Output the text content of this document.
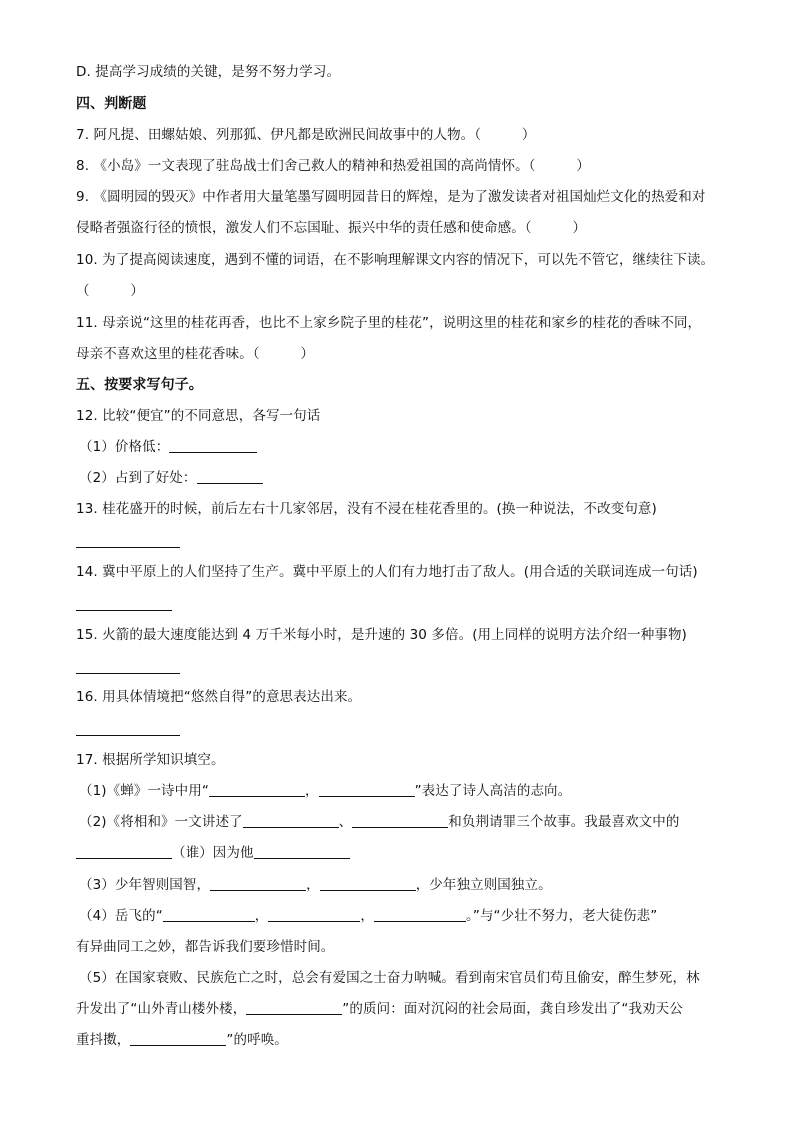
D. 提高学习成绩的关键，是努不努力学习。
四、判断题
7. 阿凡提、田螺姑娘、列那狐、伊凡都是欧洲民间故事中的人物。（　　　）
8. 《小岛》一文表现了驻岛战士们舍己救人的精神和热爱祖国的高尚情怀。（　　　）
9. 《圆明园的毁灭》中作者用大量笔墨写圆明园昔日的辉煌，是为了激发读者对祖国灿烂文化的热爱和对
侵略者强盗行径的愤恨，激发人们不忘国耻、振兴中华的责任感和使命感。（　　　）
10. 为了提高阅读速度，遇到不懂的词语，在不影响理解课文内容的情况下，可以先不管它，继续往下读。
（　　　）
11. 母亲说“这里的桂花再香，也比不上家乡院子里的桂花”，说明这里的桂花和家乡的桂花的香味不同，
母亲不喜欢这里的桂花香味。（　　　）
五、按要求写句子。
12. 比较“便宜”的不同意思，各写一句话
（1）价格低：
（2）占到了好处：
13. 桂花盛开的时候，前后左右十几家邻居，没有不浸在桂花香里的。(换一种说法，不改变句意)
14. 冀中平原上的人们坚持了生产。冀中平原上的人们有力地打击了敌人。(用合适的关联词连成一句话)
15. 火箭的最大速度能达到 4 万千米每小时，是升速的 30 多倍。(用上同样的说明方法介绍一种事物)
16. 用具体情境把“悠然自得”的意思表达出来。
17. 根据所学知识填空。
（1)《蝉》一诗中用“	，	”表达了诗人高洁的志向。
（2)《将相和》一文讲述了	、	和负荆请罪三个故事。我最喜欢文中的
（谁）因为他
（3）少年智则国智，	，	，少年独立则国独立。
（4）岳飞的“	，	，	。”与“少壮不努力，老大徒伤悲”
有异曲同工之妙，都告诉我们要珍惜时间。
（5）在国家衰败、民族危亡之时，总会有爱国之士奋力呐喊。看到南宋官员们苟且偷安，醉生梦死，林
升发出了“山外青山楼外楼，	”的质问：面对沉闷的社会局面，龚自珍发出了“我劝天公
重抖擞，	”的呼唤。
